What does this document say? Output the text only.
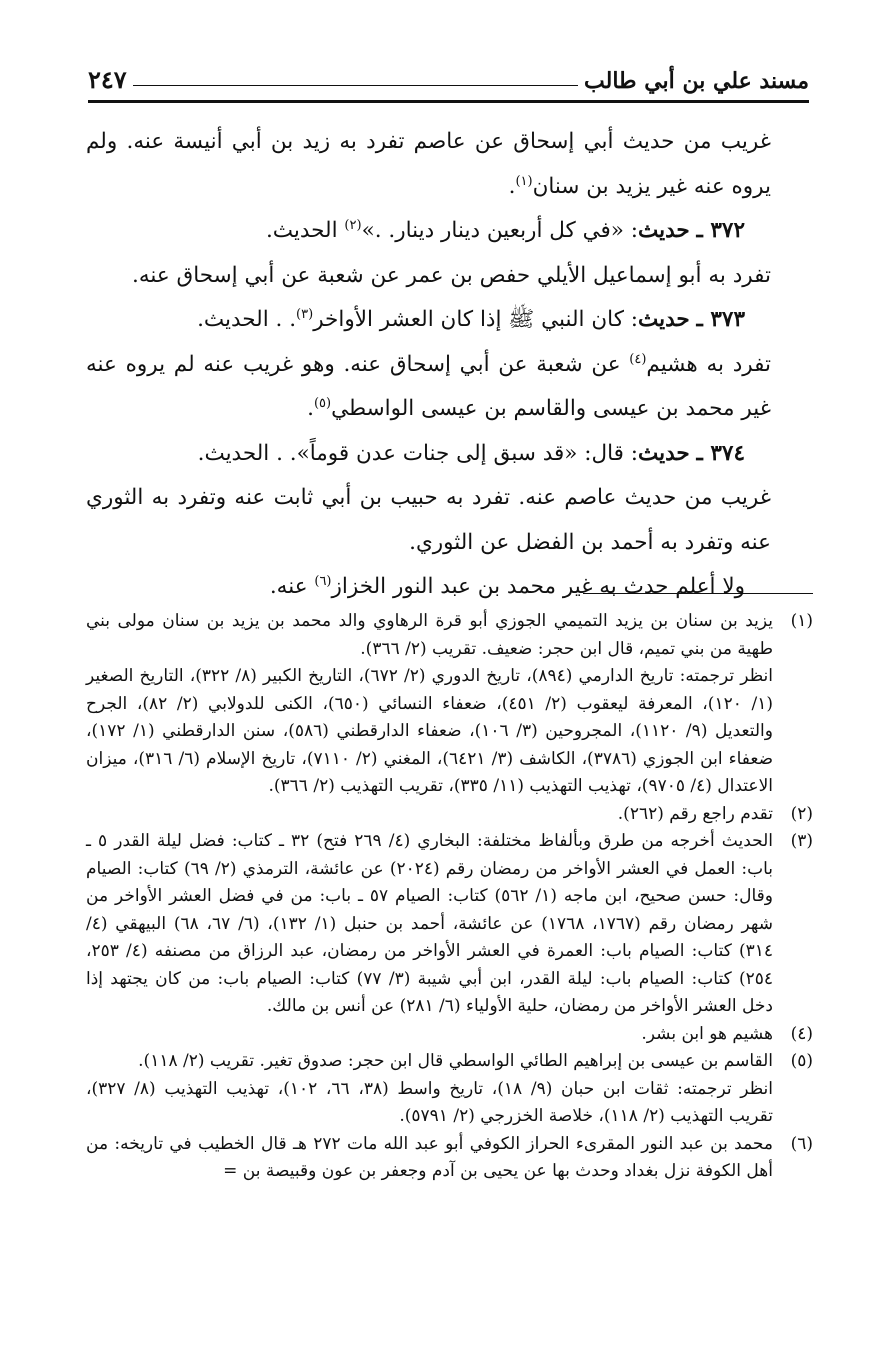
مسند علي بن أبي طالب
٢٤٧

غريب من حديث أبي إسحاق عن عاصم تفرد به زيد بن أبي أنيسة عنه. ولم يروه عنه غير يزيد بن سنان$^{(١)}$.

٣٧٢ ـ حديث: «في كل أربعين دينار دينار. .»$^{(٢)}$ الحديث.

تفرد به أبو إسماعيل الأيلي حفص بن عمر عن شعبة عن أبي إسحاق عنه.

٣٧٣ ـ حديث: كان النبي ﷺ إذا كان العشر الأواخر$^{(٣)}$. . الحديث.

تفرد به هشيم$^{(٤)}$ عن شعبة عن أبي إسحاق عنه. وهو غريب عنه لم يروه عنه غير محمد بن عيسى والقاسم بن عيسى الواسطي$^{(٥)}$.

٣٧٤ ـ حديث: قال: «قد سبق إلى جنات عدن قوماً». . الحديث.

غريب من حديث عاصم عنه. تفرد به حبيب بن أبي ثابت عنه وتفرد به الثوري عنه وتفرد به أحمد بن الفضل عن الثوري.

ولا أعلم حدث به غير محمد بن عبد النور الخزاز$^{(٦)}$ عنه.

(١)

يزيد بن سنان بن يزيد التميمي الجوزي أبو قرة الرهاوي والد محمد بن يزيد بن سنان مولى بني طهية من بني تميم، قال ابن حجر: ضعيف. تقريب (٢/ ٣٦٦).

انظر ترجمته: تاريخ الدارمي (٨٩٤)، تاريخ الدوري (٢/ ٦٧٢)، التاريخ الكبير (٨/ ٣٢٢)، التاريخ الصغير (١/ ١٢٠)، المعرفة ليعقوب (٢/ ٤٥١)، ضعفاء النسائي (٦٥٠)، الكنى للدولابي (٢/ ٨٢)، الجرح والتعديل (٩/ ١١٢٠)، المجروحين (٣/ ١٠٦)، ضعفاء الدارقطني (٥٨٦)، سنن الدارقطني (١/ ١٧٢)، ضعفاء ابن الجوزي (٣٧٨٦)، الكاشف (٣/ ٦٤٢١)، المغني (٢/ ٧١١٠)، تاريخ الإسلام (٦/ ٣١٦)، ميزان الاعتدال (٤/ ٩٧٠٥)، تهذيب التهذيب (١١/ ٣٣٥)، تقريب التهذيب (٢/ ٣٦٦).

(٢)

تقدم راجع رقم (٢٦٢).

(٣)

الحديث أخرجه من طرق وبألفاظ مختلفة: البخاري (٤/ ٢٦٩ فتح) ٣٢ ـ كتاب: فضل ليلة القدر ٥ ـ باب: العمل في العشر الأواخر من رمضان رقم (٢٠٢٤) عن عائشة، الترمذي (٢/ ٦٩) كتاب: الصيام وقال: حسن صحيح، ابن ماجه (١/ ٥٦٢) كتاب: الصيام ٥٧ ـ باب: من في فضل العشر الأواخر من شهر رمضان رقم (١٧٦٧، ١٧٦٨) عن عائشة، أحمد بن حنبل (١/ ١٣٢)، (٦/ ٦٧، ٦٨) البيهقي (٤/ ٣١٤) كتاب: الصيام باب: العمرة في العشر الأواخر من رمضان، عبد الرزاق من مصنفه (٤/ ٢٥٣، ٢٥٤) كتاب: الصيام باب: ليلة القدر، ابن أبي شيبة (٣/ ٧٧) كتاب: الصيام باب: من كان يجتهد إذا دخل العشر الأواخر من رمضان، حلية الأولياء (٦/ ٢٨١) عن أنس بن مالك.

(٤)

هشيم هو ابن بشر.

(٥)

القاسم بن عيسى بن إبراهيم الطائي الواسطي قال ابن حجر: صدوق تغير. تقريب (٢/ ١١٨).

انظر ترجمته: ثقات ابن حبان (٩/ ١٨)، تاريخ واسط (٣٨، ٦٦، ١٠٢)، تهذيب التهذيب (٨/ ٣٢٧)، تقريب التهذيب (٢/ ١١٨)، خلاصة الخزرجي (٢/ ٥٧٩١).

(٦)

محمد بن عبد النور المقرىء الحراز الكوفي أبو عبد الله مات ٢٧٢ هـ قال الخطيب في تاريخه: من أهل الكوفة نزل بغداد وحدث بها عن يحيى بن آدم وجعفر بن عون وقبيصة بن =
